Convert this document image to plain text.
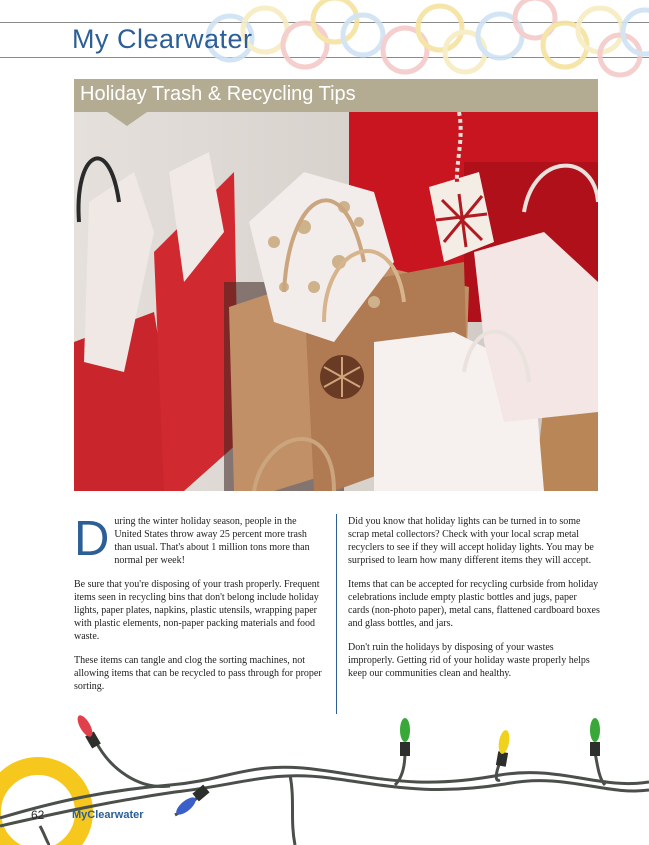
My Clearwater
Holiday Trash & Recycling Tips

During the winter holiday season, people in the United States throw away 25 percent more trash than usual. That's about 1 million tons more than normal per week!

Be sure that you're disposing of your trash properly. Frequent items seen in recycling bins that don't belong include holiday lights, paper plates, napkins, plastic utensils, wrapping paper with plastic elements, non-paper packing materials and food waste.

These items can tangle and clog the sorting machines, not allowing items that can be recycled to pass through for proper sorting.

Did you know that holiday lights can be turned in to some scrap metal collectors? Check with your local scrap metal recyclers to see if they will accept holiday lights. You may be surprised to learn how many different items they will accept.

Items that can be accepted for recycling curbside from holiday celebrations include empty plastic bottles and jugs, paper cards (non-photo paper), metal cans, flattened cardboard boxes and glass bottles, and jars.

Don't ruin the holidays by disposing of your wastes improperly. Getting rid of your holiday waste properly helps keep our communities clean and healthy.

62	MyClearwater
